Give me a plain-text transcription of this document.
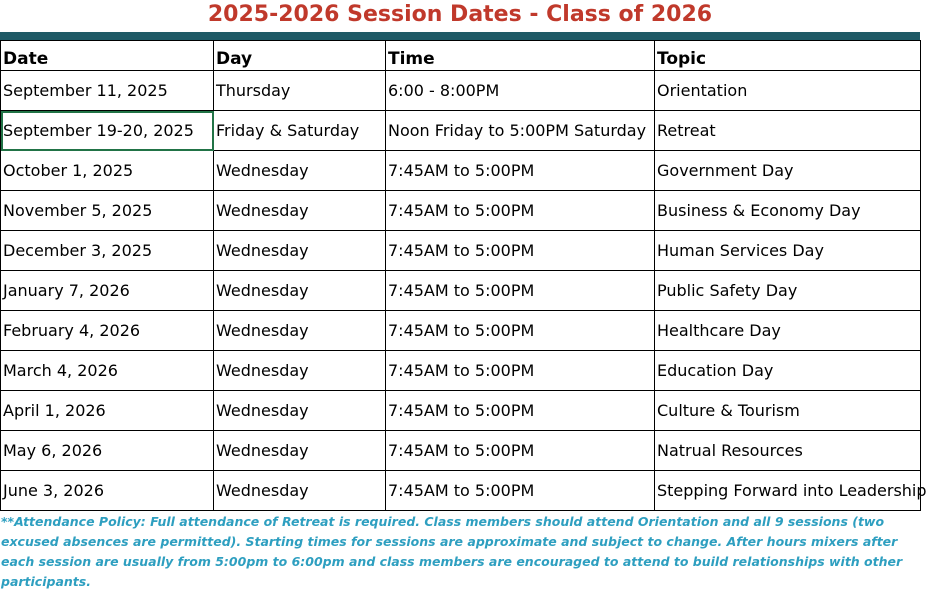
2025-2026 Session Dates - Class of 2026
Date	Day	Time	Topic
September 11, 2025	Thursday	6:00 - 8:00PM	Orientation
September 19-20, 2025	Friday & Saturday	Noon Friday to 5:00PM Saturday	Retreat
October 1, 2025	Wednesday	7:45AM to 5:00PM	Government Day
November 5, 2025	Wednesday	7:45AM to 5:00PM	Business & Economy Day
December 3, 2025	Wednesday	7:45AM to 5:00PM	Human Services Day
January 7, 2026	Wednesday	7:45AM to 5:00PM	Public Safety Day
February 4, 2026	Wednesday	7:45AM to 5:00PM	Healthcare Day
March 4, 2026	Wednesday	7:45AM to 5:00PM	Education Day
April 1, 2026	Wednesday	7:45AM to 5:00PM	Culture & Tourism
May 6, 2026	Wednesday	7:45AM to 5:00PM	Natrual Resources
June 3, 2026	Wednesday	7:45AM to 5:00PM	Stepping Forward into Leadership
**Attendance Policy: Full attendance of Retreat is required. Class members should attend Orientation and all 9 sessions (two excused absences are permitted). Starting times for sessions are approximate and subject to change. After hours mixers after each session are usually from 5:00pm to 6:00pm and class members are encouraged to attend to build relationships with other participants.
